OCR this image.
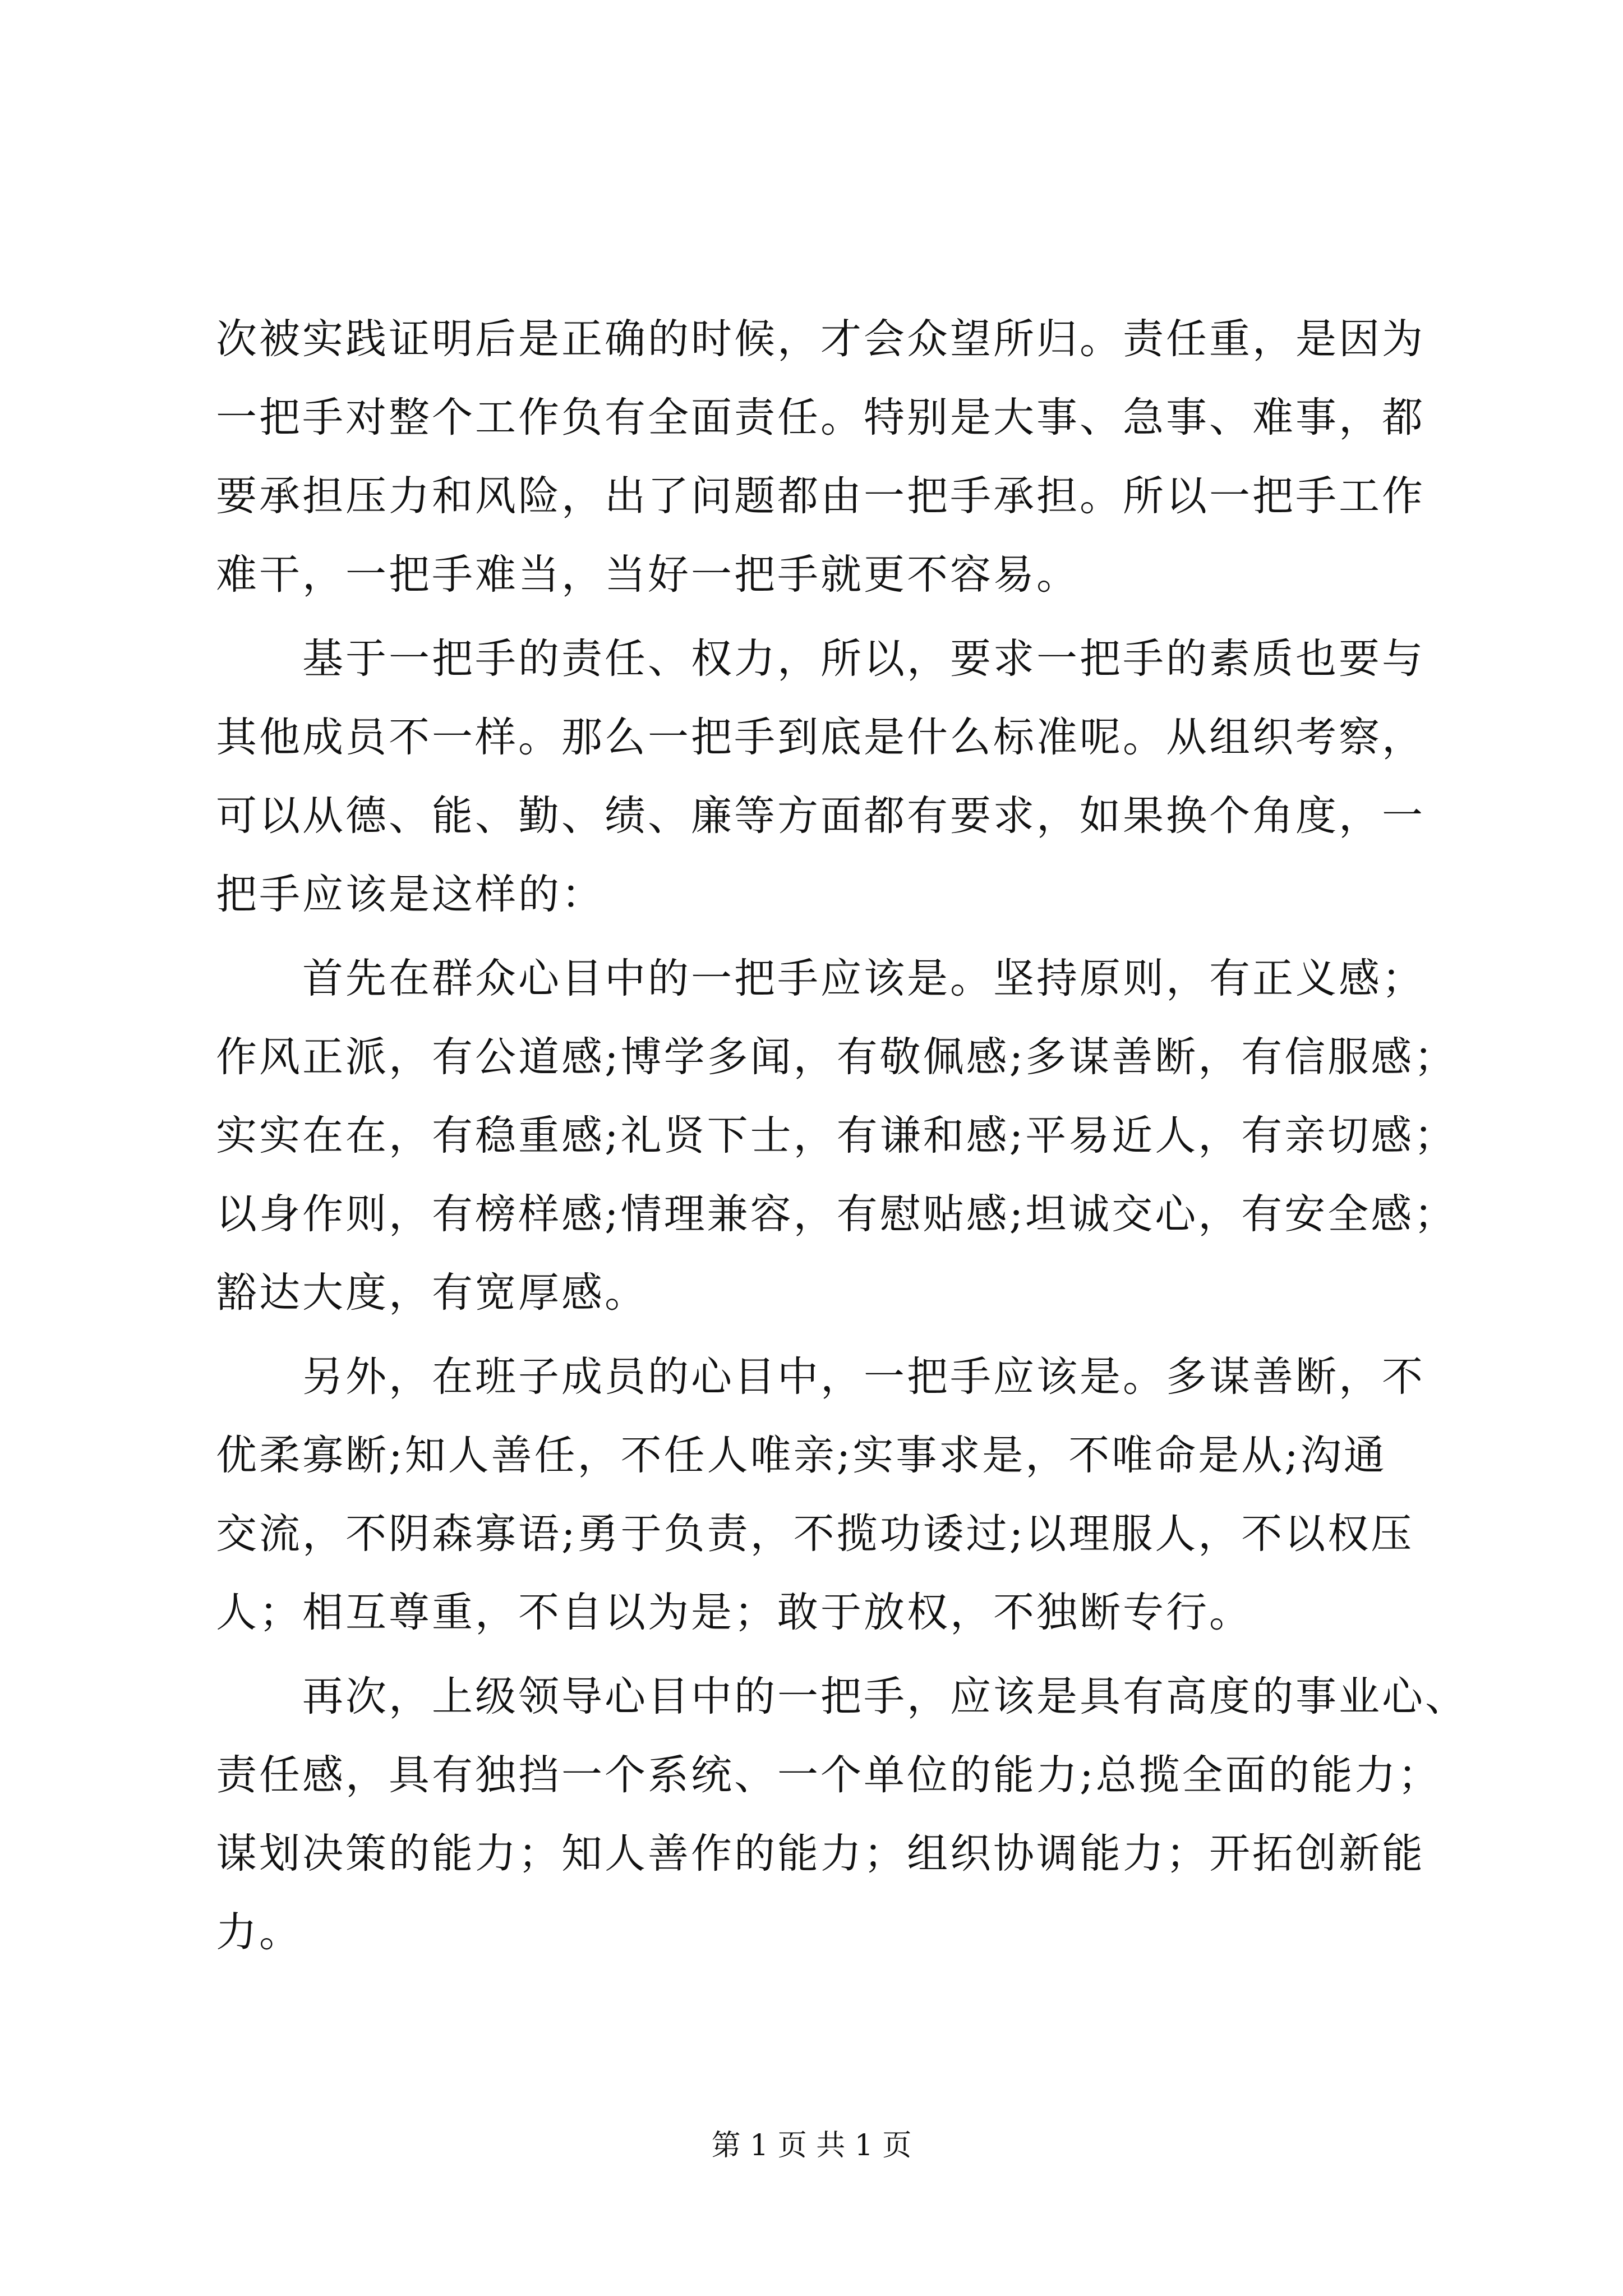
次被实践证明后是正确的时候，才会众望所归。责任重，是因为
一把手对整个工作负有全面责任。特别是大事、急事、难事，都
要承担压力和风险，出了问题都由一把手承担。所以一把手工作
难干，一把手难当，当好一把手就更不容易。
　　基于一把手的责任、权力，所以，要求一把手的素质也要与
其他成员不一样。那么一把手到底是什么标准呢。从组织考察，
可以从德、能、勤、绩、廉等方面都有要求，如果换个角度，一
把手应该是这样的：
　　首先在群众心目中的一把手应该是。坚持原则，有正义感；
作风正派，有公道感;博学多闻，有敬佩感;多谋善断，有信服感；
实实在在，有稳重感;礼贤下士，有谦和感;平易近人，有亲切感；
以身作则，有榜样感;情理兼容，有慰贴感;坦诚交心，有安全感；
豁达大度，有宽厚感。
　　另外，在班子成员的心目中，一把手应该是。多谋善断，不
优柔寡断;知人善任，不任人唯亲;实事求是，不唯命是从;沟通
交流，不阴森寡语;勇于负责，不揽功诿过;以理服人，不以权压
人；相互尊重，不自以为是；敢于放权，不独断专行。
　　再次，上级领导心目中的一把手，应该是具有高度的事业心、
责任感，具有独挡一个系统、一个单位的能力;总揽全面的能力；
谋划决策的能力；知人善作的能力；组织协调能力；开拓创新能
力。
第 1 页 共 1 页
